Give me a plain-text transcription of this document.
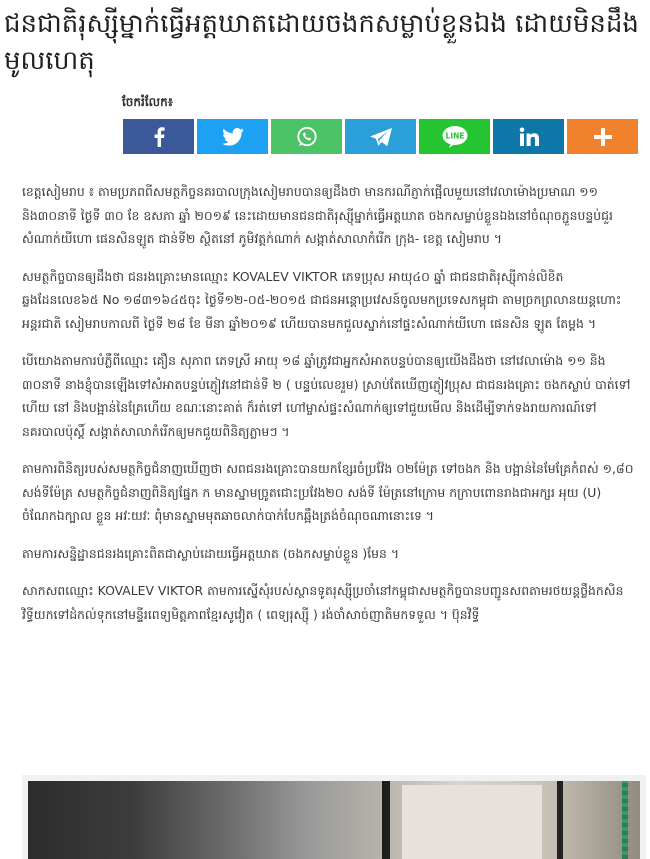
ជនជាតិរុស្ស៊ីម្នាក់ធ្វើអត្តឃាតដោយចងកសម្លាប់ខ្លួនឯង ដោយមិនដឹងមូលហេតុ
ចែករំលែក៖
LINE

ខេត្តសៀមរាប ៖ តាមប្រភពពីសមត្ថកិច្ចនគរបាលក្រុងសៀមរាបបានឲ្យដឹងថា មានករណីភ្ញាក់ផ្អើលមួយនៅវេលាម៉ោងប្រមាណ ១១ និង៣០នាទី ថ្ងៃទី ៣០ ខែ ឧសភា ឆ្នាំ ២០១៩ នេះដោយមានជនជាតិរុស្ស៊ីម្នាក់ធ្វើអត្តឃាត ចងកសម្លាប់ខ្លួនឯងនៅចំណុចភ្ជួនបន្ទប់ជួរ សំណាក់យីហោ ផេនសិនឡូត ជាន់ទី២ ស្ថិតនៅ ភូមិវត្តក់ណាក់ សង្កាត់សាលាកំរើក ក្រុង- ខេត្ត សៀមរាប ។

សមត្ថកិច្ចបានឲ្យដឹងថា ជនរងគ្រោះមានឈ្មោះ KOVALEV VIKTOR ភេទប្រុស អាយុ៤០ ឆ្នាំ ជាជនជាតិរុស្ស៊ីកាន់លិខិតឆ្លងដែនលេខ៦៥ No ១៨៣១៦៤៥ចុះ ថ្ងៃទី១២-០៥-២០១៥ ជាជនអន្តោប្រវេសន៍ចូលមកប្រទេសកម្ពុជា តាមច្រកព្រលានយន្តហោះអន្តរជាតិ សៀមរាបកាលពី ថ្ងៃទី ២៨ ខែ មីនា ឆ្នាំ២០១៩ ហើយបានមកជួលស្នាក់នៅផ្ទះសំណាក់យីហោ ផេនសិន ឡូត តែម្តង ។

បើយោងតាមការបំភ្លឺពីឈ្មោះ គឿន សុភាព ភេទស្រី អាយុ ១៨ ឆ្នាំត្រូវជាអ្នកសំអាតបន្ទប់បានឲ្យយើងដឹងថា នៅវេលាម៉ោង ១១ និង ៣០នាទី នាងខ្ញុំបានឡើងទៅសំអាតបន្ទប់ភ្ញៀវនៅជាន់ទី ២ ( បន្ទប់លេខរួម) ស្រាប់តែឃើញភ្ញៀវប្រុស ជាជនរងគ្រោះ ចងកស្លាប់ បាត់ទៅហើយ នៅ និងបង្អាន់នៃគ្រែហើយ ខណៈនោះគាត់ ក៏រត់ទៅ ហៅម្ចាស់ផ្ទះសំណាក់ឲ្យទៅជួយមើល និងដើម្បីទាក់ទងរាយការណ៍ទៅនគរបាលប៉ុស្តិ៍ សង្កាត់សាលាកំរើកឲ្យមកជួយពិនិត្យភ្លាមៗ ។

តាមការពិនិត្យរបស់សមត្ថកិច្ចជំនាញឃើញថា សពជនរងគ្រោះបានយកខ្សែរចំប្រវ៉ែង ០២ម៉ែត្រ ទៅចងក និង បង្អាន់នៃមែគ្រែកំពស់ ១,៨០ សង់ទីម៉ែត្រ សមត្ថកិច្ចជំនាញពិនិត្យផ្នែក ក មានស្នាមច្រូតជោះប្រវែង២០ សង់ទី ម៉ែត្រនៅក្រោម កក្រាបពោនរាងជាអក្សរ អុយ (U) ចំណែកឯក្បាល ខ្លួន អវៈយវៈ ពុំមានស្នាមមុតឆាចលាក់បាក់បែកឆ្អឹងត្រង់ចំណុចណានោះទេ ។

តាមការសន្និដ្ឋានជនរងគ្រោះពិតជាស្លាប់ដោយធ្វើអត្តឃាត (ចងកសម្លាប់ខ្លួន )មែន ។

សាកសពឈ្មោះ KOVALEV VIKTOR តាមការស្នើសុំរបស់ស្ថានទូតរុស្ស៊ីប្រចាំនៅកម្ពុជាសមត្ថកិច្ចបានបញ្ជូនសពតាមរថយន្តថ្លឹងកសិន វិទ្ធីយកទៅដំកល់ទុកនៅមន្ទីរពេទ្យមិត្តភាពខ្មែរសូវៀត ( ពេទ្យរុស្ស៊ី ) រង់ចាំសាច់ញាតិមកទទួល ។ ប៊ុនវិទ្ធី
